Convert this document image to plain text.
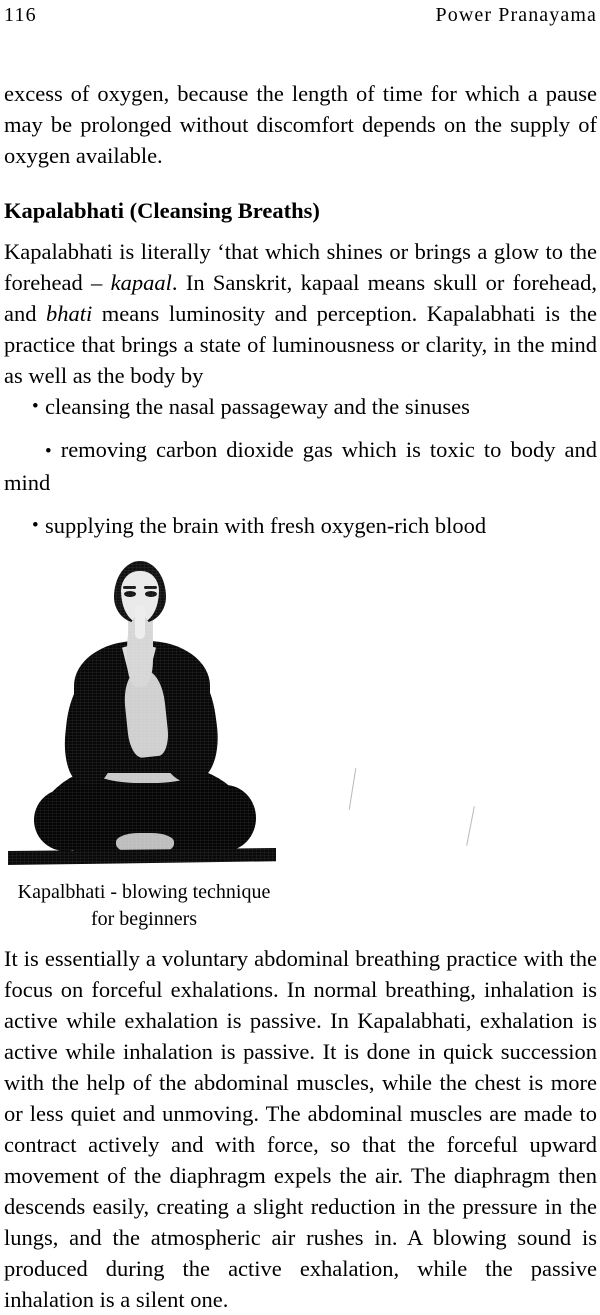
116	Power Pranayama

excess of oxygen, because the length of time for which a pause may be prolonged without discomfort depends on the supply of oxygen available.

Kapalabhati (Cleansing Breaths)

Kapalabhati is literally ‘that which shines or brings a glow to the forehead – kapaal. In Sanskrit, kapaal means skull or forehead, and bhati means luminosity and perception. Kapalabhati is the practice that brings a state of luminousness or clarity, in the mind as well as the body by

• cleansing the nasal passageway and the sinuses
• removing carbon dioxide gas which is toxic to body and mind
• supplying the brain with fresh oxygen-rich blood
Kapalbhati - blowing technique
for beginners

It is essentially a voluntary abdominal breathing practice with the focus on forceful exhalations. In normal breathing, inhalation is active while exhalation is passive. In Kapalabhati, exhalation is active while inhalation is passive. It is done in quick succession with the help of the abdominal muscles, while the chest is more or less quiet and unmoving. The abdominal muscles are made to contract actively and with force, so that the forceful upward movement of the diaphragm expels the air. The diaphragm then descends easily, creating a slight reduction in the pressure in the lungs, and the atmospheric air rushes in. A blowing sound is produced during the active exhalation, while the passive inhalation is a silent one.
